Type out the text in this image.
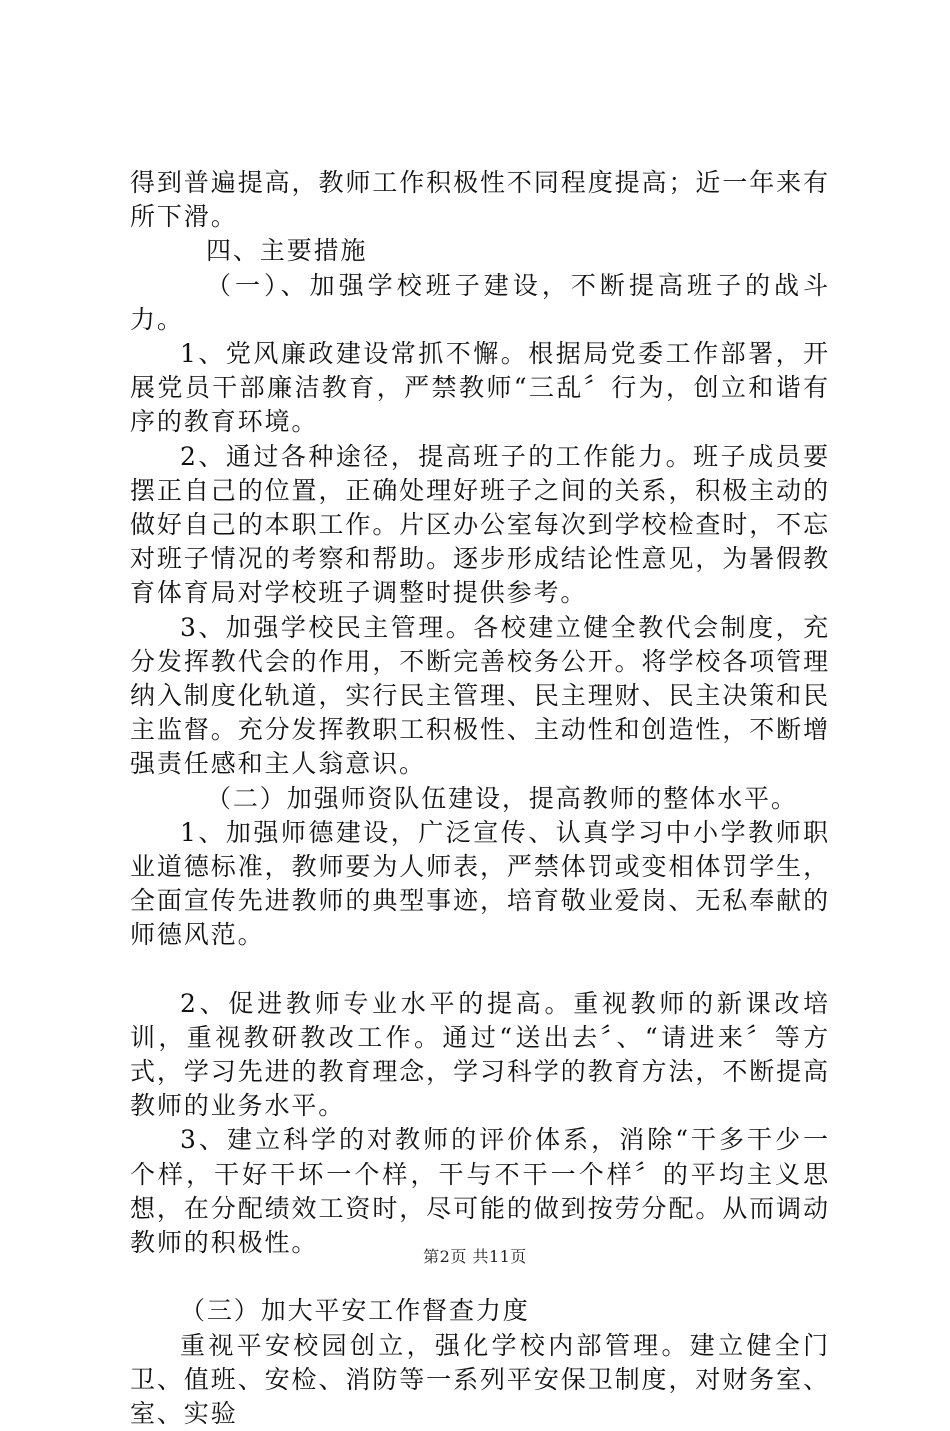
得到普遍提高，教师工作积极性不同程度提高；近一年来有所下滑。

四、主要措施

（一）、加强学校班子建设，不断提高班子的战斗力。

1、党风廉政建设常抓不懈。根据局党委工作部署，开展党员干部廉洁教育，严禁教师“三乱〞行为，创立和谐有序的教育环境。

2、通过各种途径，提高班子的工作能力。班子成员要摆正自己的位置，正确处理好班子之间的关系，积极主动的做好自己的本职工作。片区办公室每次到学校检查时，不忘对班子情况的考察和帮助。逐步形成结论性意见，为暑假教育体育局对学校班子调整时提供参考。

3、加强学校民主管理。各校建立健全教代会制度，充分发挥教代会的作用，不断完善校务公开。将学校各项管理纳入制度化轨道，实行民主管理、民主理财、民主决策和民主监督。充分发挥教职工积极性、主动性和创造性，不断增强责任感和主人翁意识。

（二）加强师资队伍建设，提高教师的整体水平。

1、加强师德建设，广泛宣传、认真学习中小学教师职业道德标准，教师要为人师表，严禁体罚或变相体罚学生，全面宣传先进教师的典型事迹，培育敬业爱岗、无私奉献的师德风范。

2、促进教师专业水平的提高。重视教师的新课改培训，重视教研教改工作。通过“送出去〞、“请进来〞等方式，学习先进的教育理念，学习科学的教育方法，不断提高教师的业务水平。

3、建立科学的对教师的评价体系，消除“干多干少一个样，干好干坏一个样，干与不干一个样〞的平均主义思想，在分配绩效工资时，尽可能的做到按劳分配。从而调动教师的积极性。

（三）加大平安工作督查力度

重视平安校园创立，强化学校内部管理。建立健全门卫、值班、安检、消防等一系列平安保卫制度，对财务室、室、实验

第2页 共11页
